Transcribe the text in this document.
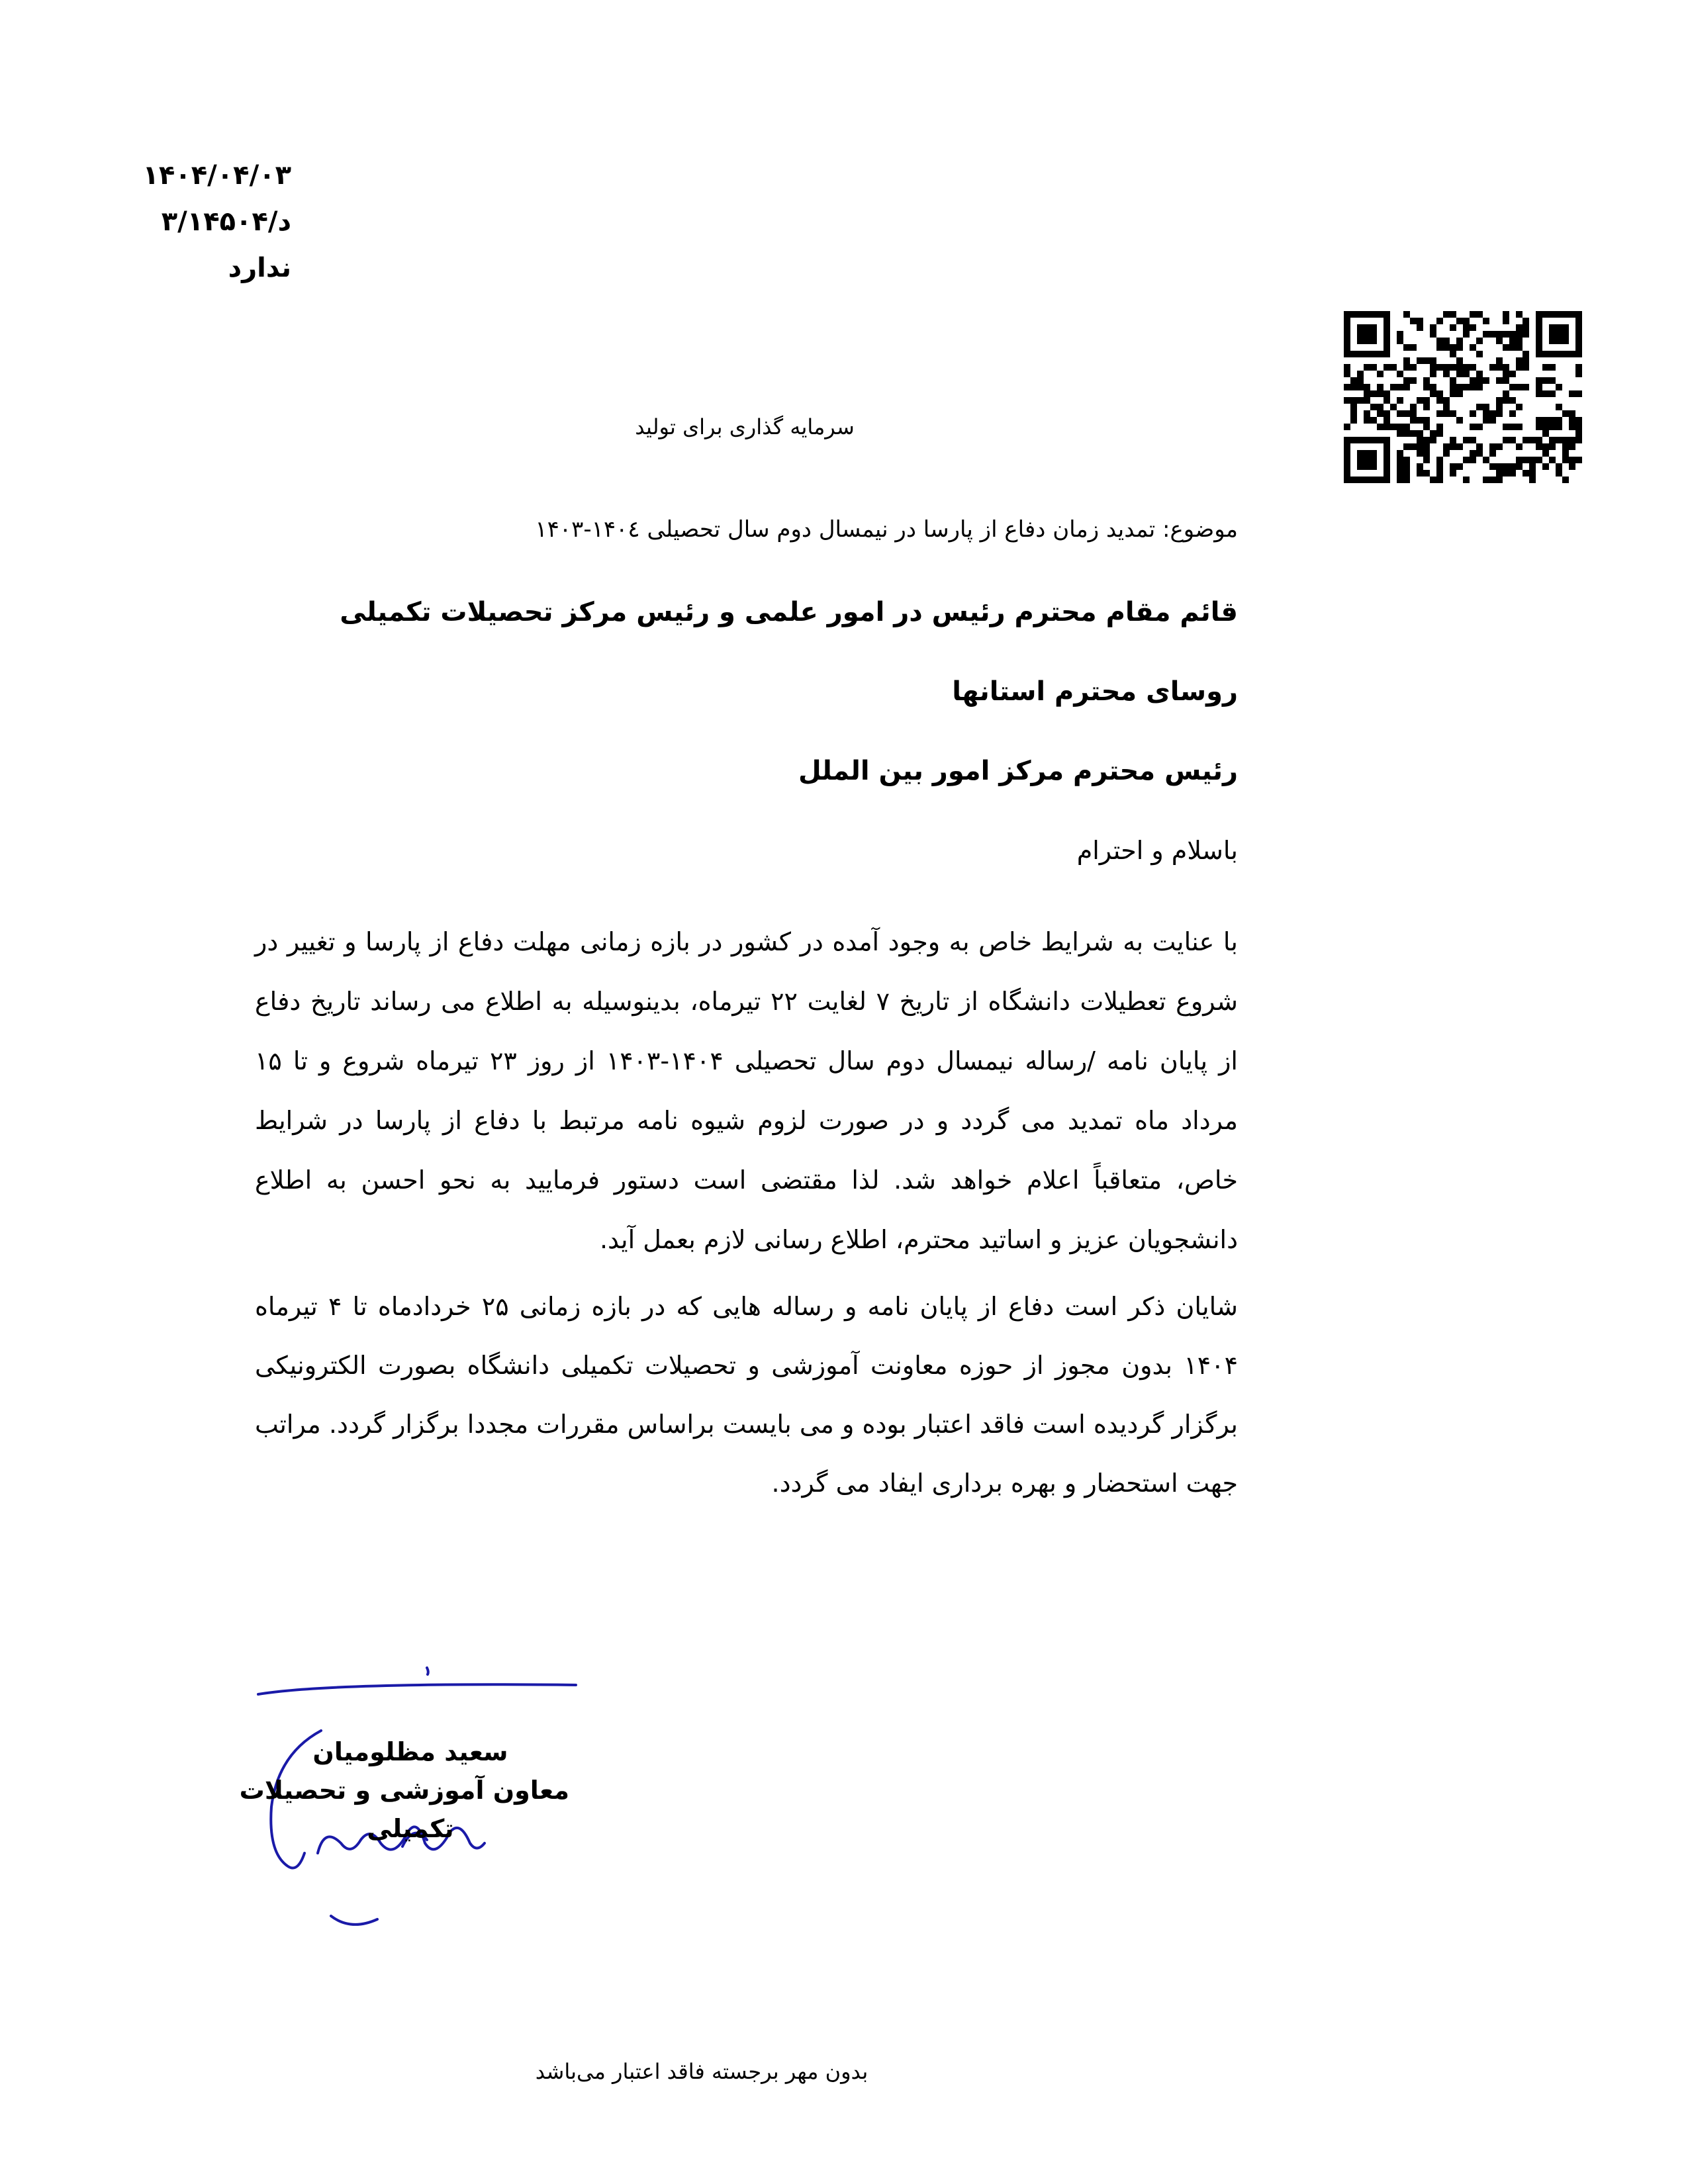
۱۴۰۴/۰۴/۰۳
د/۳/۱۴۵۰۴
ندارد
سرمایه گذاری برای تولید
موضوع: تمدید زمان دفاع از پارسا در نیمسال دوم سال تحصیلی ۱۴۰٤-۱۴۰۳
قائم مقام محترم رئیس در امور علمی و رئیس مرکز تحصیلات تکمیلی
روسای محترم استانها
رئیس محترم مرکز امور بین الملل
باسلام و احترام
با عنایت به شرایط خاص به وجود آمده در کشور در بازه زمانی مهلت دفاع از پارسا و تغییر در شروع تعطیلات دانشگاه از تاریخ ۷ لغایت ۲۲ تیرماه، بدینوسیله به اطلاع می رساند تاریخ دفاع از پایان نامه /رساله نیمسال دوم سال تحصیلی ۱۴۰۴-۱۴۰۳ از روز ۲۳ تیرماه شروع و تا ۱۵ مرداد ماه تمدید می گردد و در صورت لزوم شیوه نامه مرتبط با دفاع از پارسا در شرایط خاص، متعاقباً اعلام خواهد شد. لذا مقتضی است دستور فرمایید به نحو احسن به اطلاع دانشجویان عزیز و اساتید محترم، اطلاع رسانی لازم بعمل آید.
شایان ذکر است دفاع از پایان نامه و رساله هایی که در بازه زمانی ۲۵ خردادماه تا ۴ تیرماه ۱۴۰۴ بدون مجوز از حوزه معاونت آموزشی و تحصیلات تکمیلی دانشگاه بصورت الکترونیکی برگزار گردیده است فاقد اعتبار بوده و می بایست براساس مقررات مجددا برگزار گردد. مراتب جهت استحضار و بهره برداری ایفاد می گردد.
سعید مظلومیان
معاون آموزشی و تحصیلات
تکمیلی
بدون مهر برجسته فاقد اعتبار می‌باشد
